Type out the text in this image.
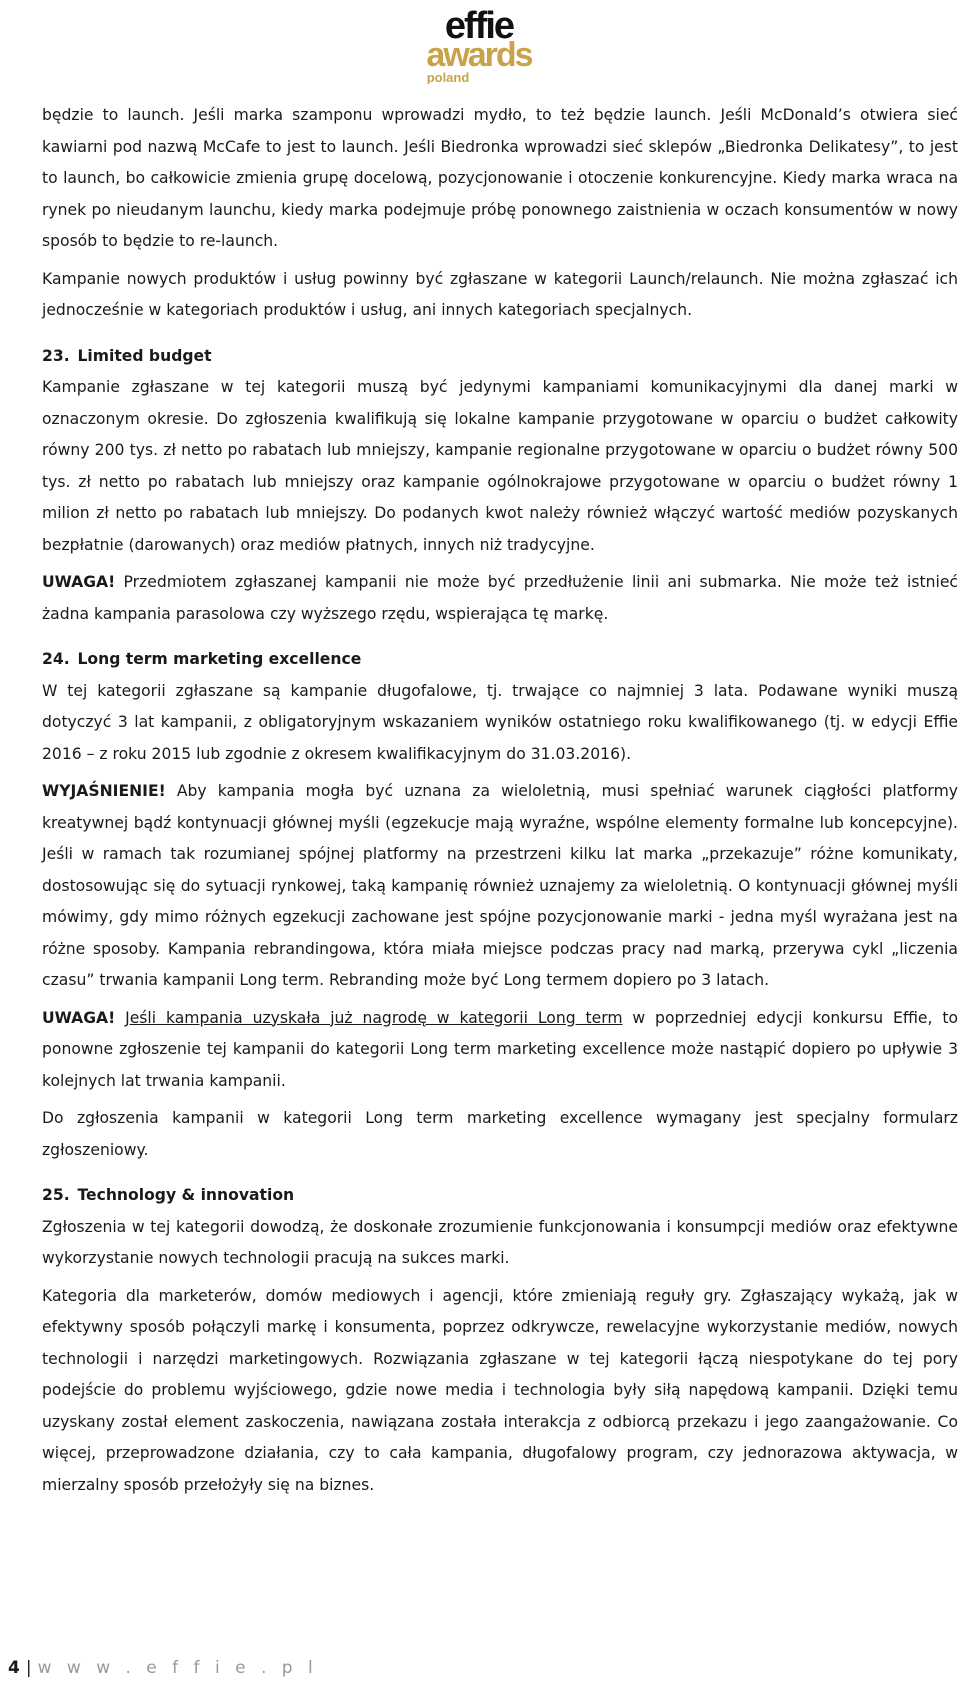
effie
awards
poland

będzie to launch. Jeśli marka szamponu wprowadzi mydło, to też będzie launch. Jeśli McDonald’s otwiera sieć kawiarni pod nazwą McCafe to jest to launch. Jeśli Biedronka wprowadzi sieć sklepów „Biedronka Delikatesy”, to jest to launch, bo całkowicie zmienia grupę docelową, pozycjonowanie i otoczenie konkurencyjne. Kiedy marka wraca na rynek po nieudanym launchu, kiedy marka podejmuje próbę ponownego zaistnienia w oczach konsumentów w nowy sposób to będzie to re-launch.

Kampanie nowych produktów i usług powinny być zgłaszane w kategorii Launch/relaunch. Nie można zgłaszać ich jednocześnie w kategoriach produktów i usług, ani innych kategoriach specjalnych.

23. Limited budget

Kampanie zgłaszane w tej kategorii muszą być jedynymi kampaniami komunikacyjnymi dla danej marki w oznaczonym okresie. Do zgłoszenia kwalifikują się lokalne kampanie przygotowane w oparciu o budżet całkowity równy 200 tys. zł netto po rabatach lub mniejszy, kampanie regionalne przygotowane w oparciu o budżet równy 500 tys. zł netto po rabatach lub mniejszy oraz kampanie ogólnokrajowe przygotowane w oparciu o budżet równy 1 milion zł netto po rabatach lub mniejszy. Do podanych kwot należy również włączyć wartość mediów pozyskanych bezpłatnie (darowanych) oraz mediów płatnych, innych niż tradycyjne.

UWAGA! Przedmiotem zgłaszanej kampanii nie może być przedłużenie linii ani submarka. Nie może też istnieć żadna kampania parasolowa czy wyższego rzędu, wspierająca tę markę.

24. Long term marketing excellence

W tej kategorii zgłaszane są kampanie długofalowe, tj. trwające co najmniej 3 lata. Podawane wyniki muszą dotyczyć 3 lat kampanii, z obligatoryjnym wskazaniem wyników ostatniego roku kwalifikowanego (tj. w edycji Effie 2016 – z roku 2015 lub zgodnie z okresem kwalifikacyjnym do 31.03.2016).

WYJAŚNIENIE! Aby kampania mogła być uznana za wieloletnią, musi spełniać warunek ciągłości platformy kreatywnej bądź kontynuacji głównej myśli (egzekucje mają wyraźne, wspólne elementy formalne lub koncepcyjne). Jeśli w ramach tak rozumianej spójnej platformy na przestrzeni kilku lat marka „przekazuje” różne komunikaty, dostosowując się do sytuacji rynkowej, taką kampanię również uznajemy za wieloletnią. O kontynuacji głównej myśli mówimy, gdy mimo różnych egzekucji zachowane jest spójne pozycjonowanie marki - jedna myśl wyrażana jest na różne sposoby. Kampania rebrandingowa, która miała miejsce podczas pracy nad marką, przerywa cykl „liczenia czasu” trwania kampanii Long term. Rebranding może być Long termem dopiero po 3 latach.

UWAGA! Jeśli kampania uzyskała już nagrodę w kategorii Long term w poprzedniej edycji konkursu Effie, to ponowne zgłoszenie tej kampanii do kategorii Long term marketing excellence może nastąpić dopiero po upływie 3 kolejnych lat trwania kampanii.

Do zgłoszenia kampanii w kategorii Long term marketing excellence wymagany jest specjalny formularz zgłoszeniowy.

25. Technology & innovation

Zgłoszenia w tej kategorii dowodzą, że doskonałe zrozumienie funkcjonowania i konsumpcji mediów oraz efektywne wykorzystanie nowych technologii pracują na sukces marki.

Kategoria dla marketerów, domów mediowych i agencji, które zmieniają reguły gry. Zgłaszający wykażą, jak w efektywny sposób połączyli markę i konsumenta, poprzez odkrywcze, rewelacyjne wykorzystanie mediów, nowych technologii i narzędzi marketingowych. Rozwiązania zgłaszane w tej kategorii łączą niespotykane do tej pory podejście do problemu wyjściowego, gdzie nowe media i technologia były siłą napędową kampanii. Dzięki temu uzyskany został element zaskoczenia, nawiązana została interakcja z odbiorcą przekazu i jego zaangażowanie. Co więcej, przeprowadzone działania, czy to cała kampania, długofalowy program, czy jednorazowa aktywacja, w mierzalny sposób przełożyły się na biznes.

4 | w w w . e f f i e . p l
